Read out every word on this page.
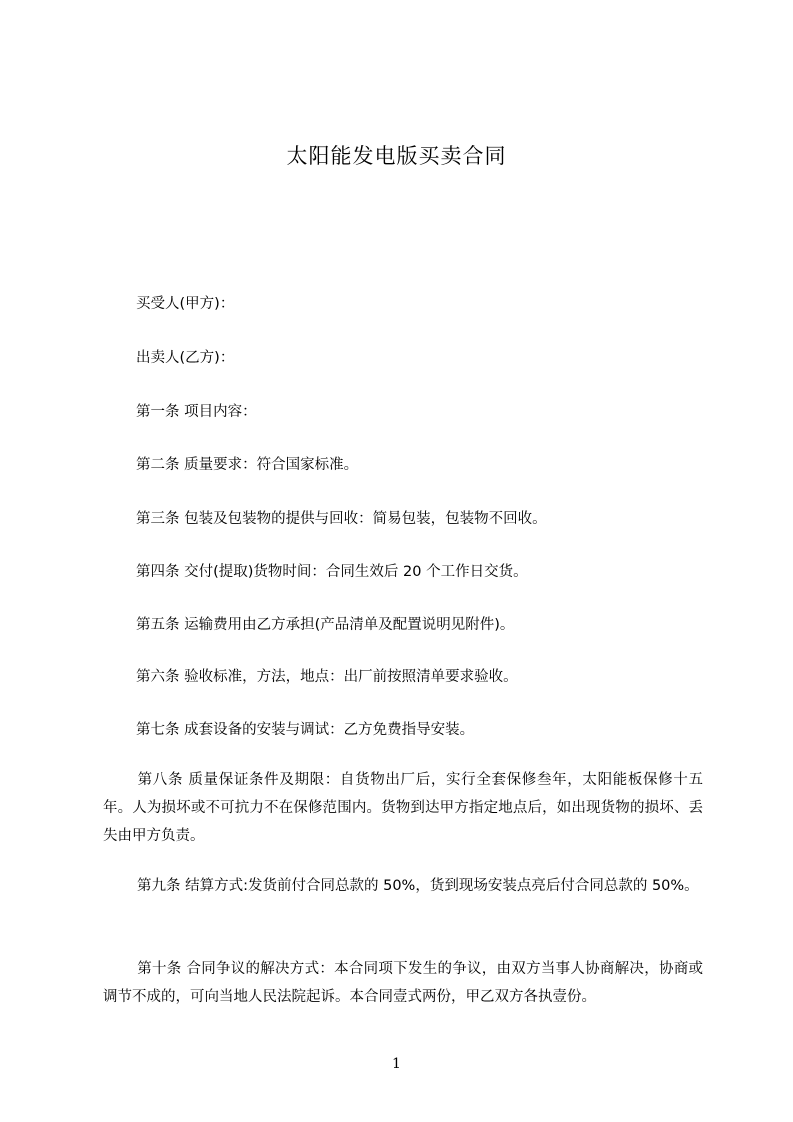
太阳能发电版买卖合同
买受人(甲方)：
出卖人(乙方)：
第一条 项目内容：
第二条 质量要求：符合国家标准。
第三条 包装及包装物的提供与回收：简易包装，包装物不回收。
第四条 交付(提取)货物时间：合同生效后 20 个工作日交货。
第五条 运输费用由乙方承担(产品清单及配置说明见附件)。
第六条 验收标准，方法，地点：出厂前按照清单要求验收。
第七条 成套设备的安装与调试：乙方免费指导安装。
第八条 质量保证条件及期限：自货物出厂后，实行全套保修叁年，太阳能板保修十五年。人为损坏或不可抗力不在保修范围内。货物到达甲方指定地点后，如出现货物的损坏、丢失由甲方负责。
第九条 结算方式:发货前付合同总款的 50%，货到现场安装点亮后付合同总款的 50%。
第十条 合同争议的解决方式：本合同项下发生的争议，由双方当事人协商解决，协商或调节不成的，可向当地人民法院起诉。本合同壹式两份，甲乙双方各执壹份。
1
